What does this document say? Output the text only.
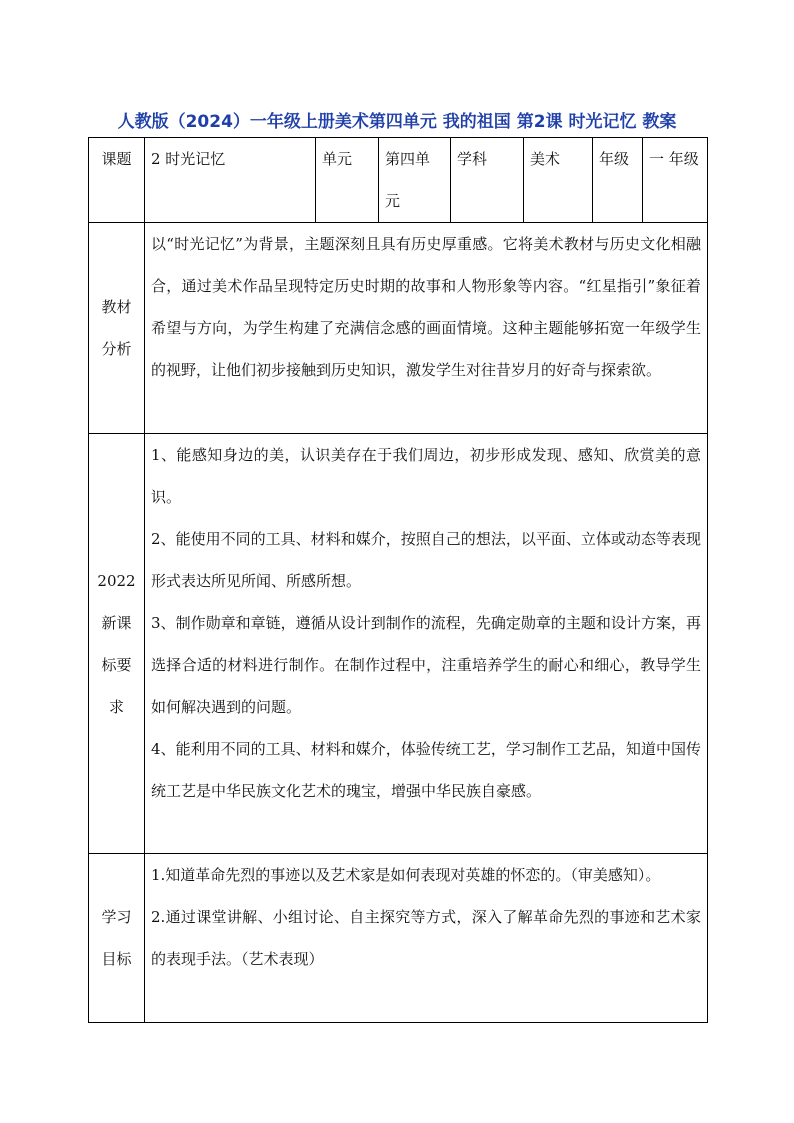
人教版（2024）一年级上册美术第四单元 我的祖国 第2课 时光记忆 教案
课题	2 时光记忆	单元	第四单元	学科	美术	年级	一 年级
教材分析	以“时光记忆”为背景，主题深刻且具有历史厚重感。它将美术教材与历史文化相融合，通过美术作品呈现特定历史时期的故事和人物形象等内容。“红星指引”象征着希望与方向，为学生构建了充满信念感的画面情境。这种主题能够拓宽一年级学生的视野，让他们初步接触到历史知识，激发学生对往昔岁月的好奇与探索欲。						

2022新课标要求	1、能感知身边的美，认识美存在于我们周边，初步形成发现、感知、欣赏美的意识。

2、能使用不同的工具、材料和媒介，按照自己的想法，以平面、立体或动态等表现形式表达所见所闻、所感所想。

3、制作勋章和章链，遵循从设计到制作的流程，先确定勋章的主题和设计方案，再选择合适的材料进行制作。在制作过程中，注重培养学生的耐心和细心，教导学生如何解决遇到的问题。

4、能利用不同的工具、材料和媒介，体验传统工艺，学习制作工艺品，知道中国传统工艺是中华民族文化艺术的瑰宝，增强中华民族自豪感。						

学习目标	1.知道革命先烈的事迹以及艺术家是如何表现对英雄的怀恋的。（审美感知）。

2.通过课堂讲解、小组讨论、自主探究等方式，深入了解革命先烈的事迹和艺术家的表现手法。（艺术表现）						
